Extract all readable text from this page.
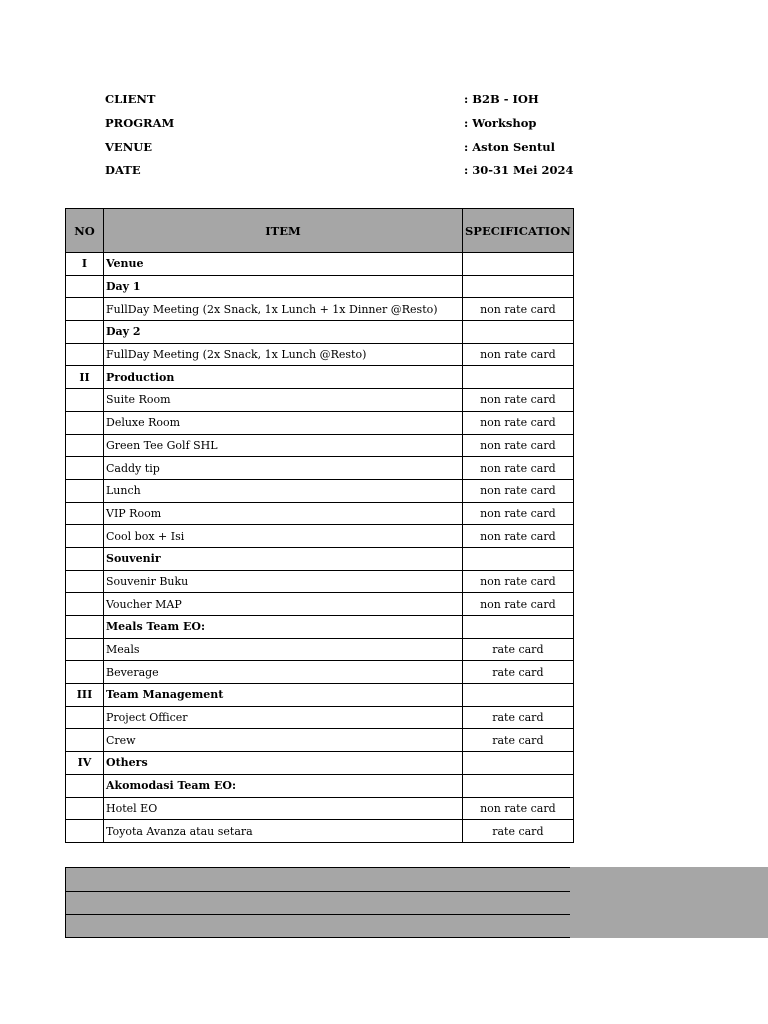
CLIENT	: B2B - IOH
PROGRAM	: Workshop
VENUE	: Aston Sentul
DATE	: 30-31 Mei 2024
NO	ITEM	SPECIFICATION
I	Venue	
	Day 1	
	FullDay Meeting (2x Snack, 1x Lunch + 1x Dinner @Resto)	non rate card
	Day 2	
	FullDay Meeting (2x Snack, 1x Lunch @Resto)	non rate card
II	Production	
	Suite Room	non rate card
	Deluxe Room	non rate card
	Green Tee Golf SHL	non rate card
	Caddy tip	non rate card
	Lunch	non rate card
	VIP Room	non rate card
	Cool box + Isi	non rate card
	Souvenir	
	Souvenir Buku	non rate card
	Voucher MAP	non rate card
	Meals Team EO:	
	Meals	rate card
	Beverage	rate card
III	Team Management	
	Project Officer	rate card
	Crew	rate card
IV	Others	
	Akomodasi Team EO:	
	Hotel EO	non rate card
	Toyota Avanza atau setara	rate card
